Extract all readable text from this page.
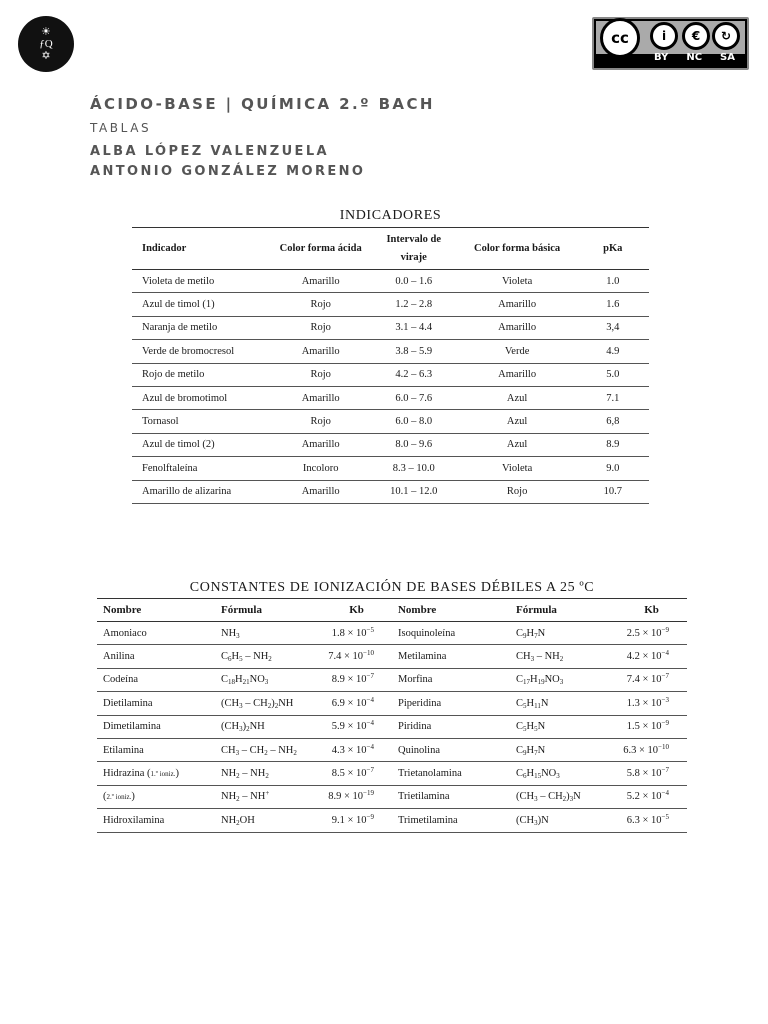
☀
ƒQ
✡
cc	i	€	↻
BY NC SA
ÁCIDO-BASE | QUÍMICA 2.º BACH
TABLAS
ALBA LÓPEZ VALENZUELA
ANTONIO GONZÁLEZ MORENO
INDICADORES
Indicador	Color forma ácida	Intervalo de viraje	Color forma básica	pKa
Violeta de metilo	Amarillo	0.0 – 1.6	Violeta	1.0
Azul de timol (1)	Rojo	1.2 – 2.8	Amarillo	1.6
Naranja de metilo	Rojo	3.1 – 4.4	Amarillo	3,4
Verde de bromocresol	Amarillo	3.8 – 5.9	Verde	4.9
Rojo de metilo	Rojo	4.2 – 6.3	Amarillo	5.0
Azul de bromotimol	Amarillo	6.0 – 7.6	Azul	7.1
Tornasol	Rojo	6.0 – 8.0	Azul	6,8
Azul de timol (2)	Amarillo	8.0 – 9.6	Azul	8.9
Fenolftaleína	Incoloro	8.3 – 10.0	Violeta	9.0
Amarillo de alizarina	Amarillo	10.1 – 12.0	Rojo	10.7
CONSTANTES DE IONIZACIÓN DE BASES DÉBILES A 25 ºC
Nombre	Fórmula	Kb	Nombre	Fórmula	Kb
Amoniaco	$NH_3$	$1.8 \times 10^{-5}$	Isoquinoleína	$C_9H_7N$	$2.5 \times 10^{-9}$
Anilina	$C_6H_5 - NH_2$	$7.4 \times 10^{-10}$	Metilamina	$CH_3 - NH_2$	$4.2 \times 10^{-4}$
Codeína	$C_{18}H_{21}NO_3$	$8.9 \times 10^{-7}$	Morfina	$C_{17}H_{19}NO_3$	$7.4 \times 10^{-7}$
Dietilamina	$(CH_3 - CH_2)_2NH$	$6.9 \times 10^{-4}$	Piperidina	$C_5H_{11}N$	$1.3 \times 10^{-3}$
Dimetilamina	$(CH_3)_2NH$	$5.9 \times 10^{-4}$	Piridina	$C_5H_5N$	$1.5 \times 10^{-9}$
Etilamina	$CH_3 - CH_2 - NH_2$	$4.3 \times 10^{-4}$	Quinolina	$C_9H_7N$	$6.3 \times 10^{-10}$
Hidrazina (1.º ioniz.)	$NH_2 - NH_2$	$8.5 \times 10^{-7}$	Trietanolamina	$C_6H_{15}NO_3$	$5.8 \times 10^{-7}$
(2.º ioniz.)	$NH_2 - NH^+$	$8.9 \times 10^{-19}$	Trietilamina	$(CH_3 - CH_2)_3N$	$5.2 \times 10^{-4}$
Hidroxilamina	$NH_2OH$	$9.1 \times 10^{-9}$	Trimetilamina	$(CH_3)N$	$6.3 \times 10^{-5}$
